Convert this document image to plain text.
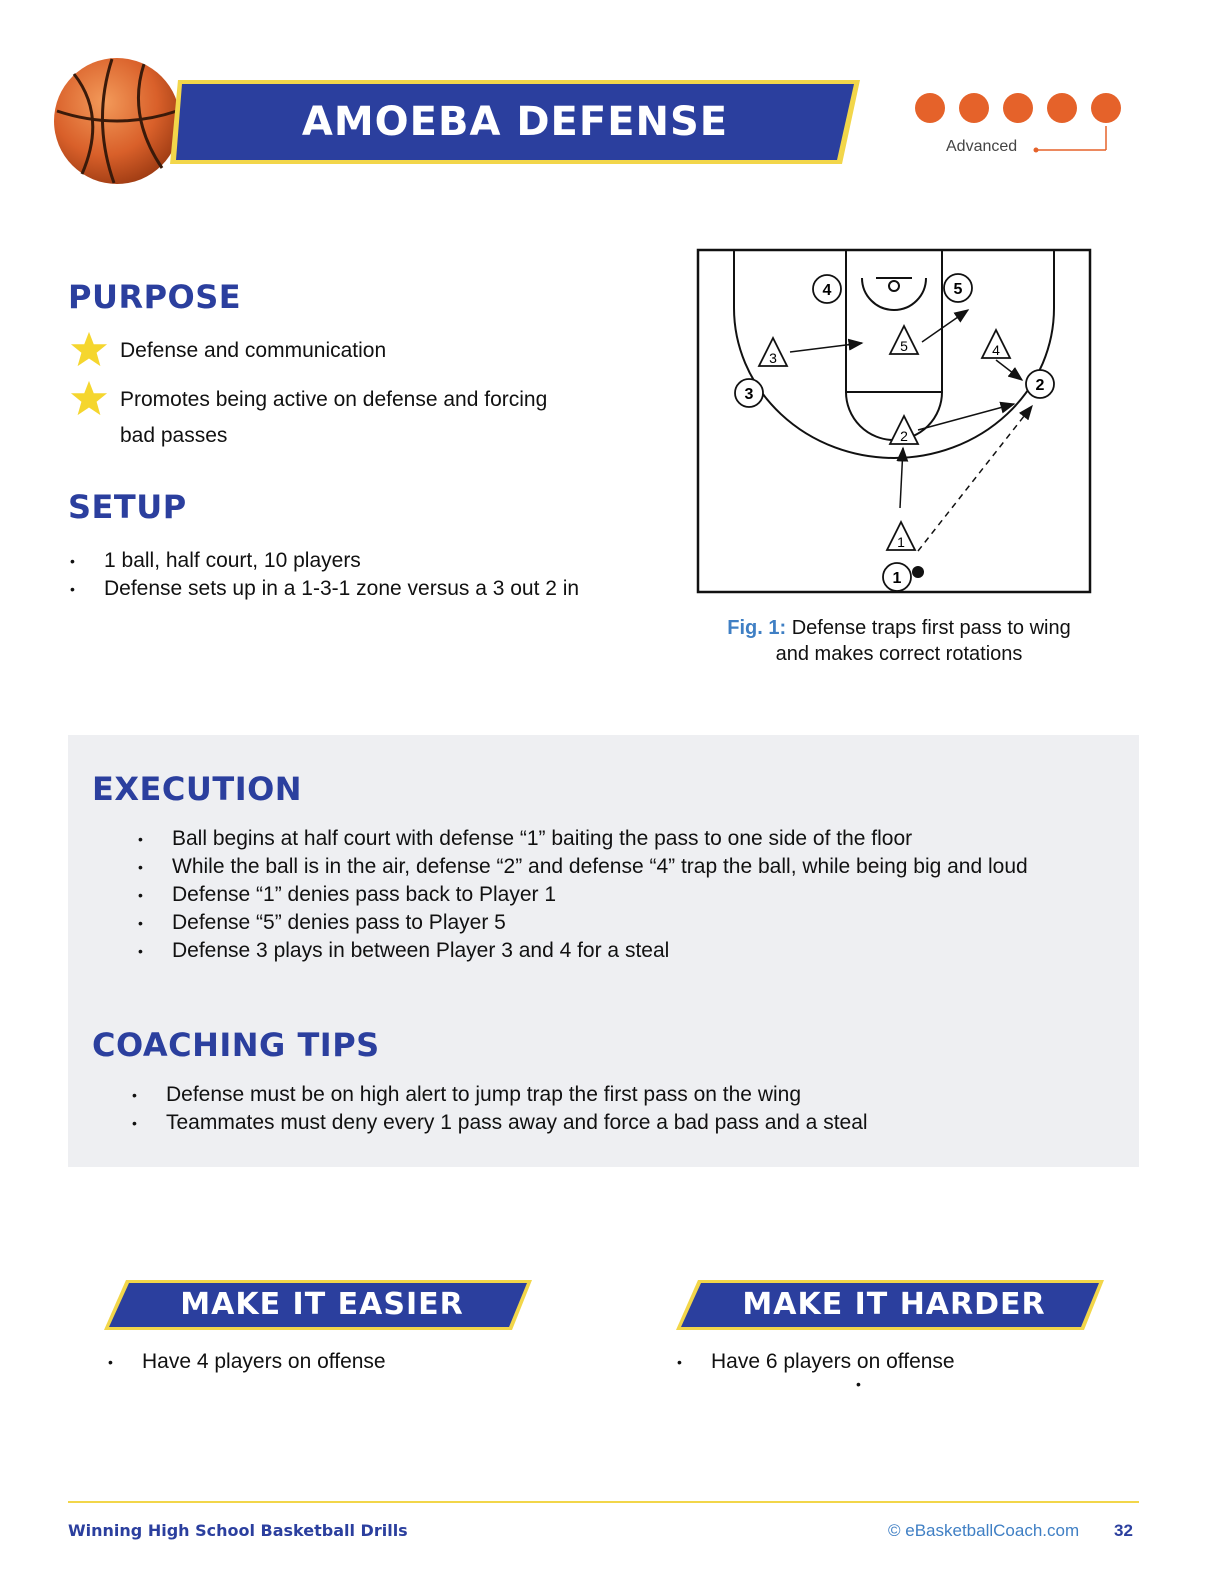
AMOEBA DEFENSE
Advanced
PURPOSE
Defense and communication
Promotes being active on defense and forcing
bad passes
SETUP
• 1 ball, half court, 10 players
• Defense sets up in a 1-3-1 zone versus a 3 out 2 in
3
5	4
2
1
4	5
3
2
1
Fig. 1: Defense traps first pass to wing
and makes correct rotations
EXECUTION
• Ball begins at half court with defense “1” baiting the pass to one side of the floor
• While the ball is in the air, defense “2” and defense “4” trap the ball, while being big and loud
• Defense “1” denies pass back to Player 1
• Defense “5” denies pass to Player 5
• Defense 3 plays in between Player 3 and 4 for a steal
COACHING TIPS
• Defense must be on high alert to jump trap the first pass on the wing
• Teammates must deny every 1 pass away and force a bad pass and a steal
MAKE IT EASIER
• Have 4 players on offense
MAKE IT HARDER
• Have 6 players on offense
•
Winning High School Basketball Drills	© eBasketballCoach.com 32
